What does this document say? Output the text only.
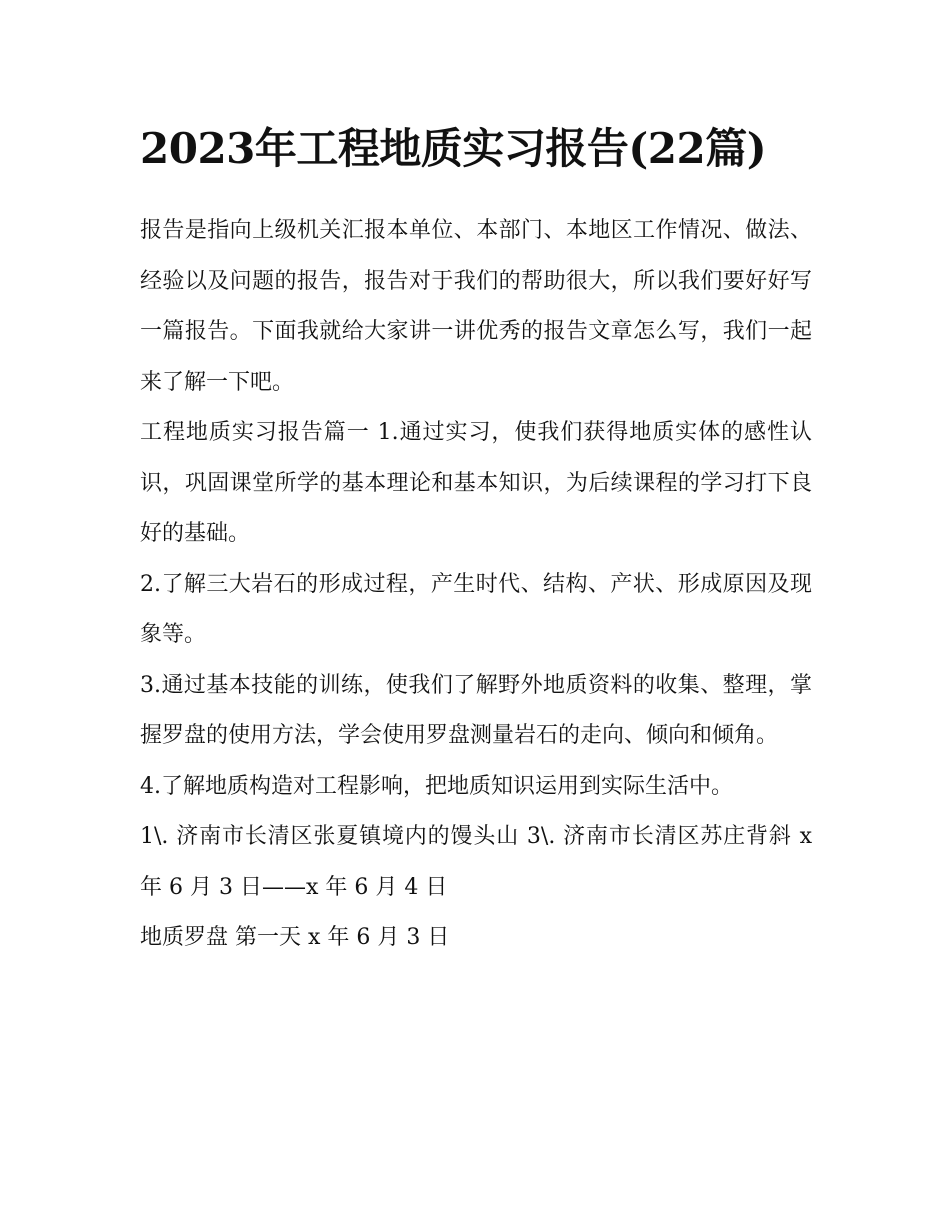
2023年工程地质实习报告(22篇)

报告是指向上级机关汇报本单位、本部门、本地区工作情况、做法、经验以及问题的报告，报告对于我们的帮助很大，所以我们要好好写一篇报告。下面我就给大家讲一讲优秀的报告文章怎么写，我们一起来了解一下吧。

工程地质实习报告篇一 1.通过实习，使我们获得地质实体的感性认识，巩固课堂所学的基本理论和基本知识，为后续课程的学习打下良好的基础。

2.了解三大岩石的形成过程，产生时代、结构、产状、形成原因及现象等。

3.通过基本技能的训练，使我们了解野外地质资料的收集、整理，掌握罗盘的使用方法，学会使用罗盘测量岩石的走向、倾向和倾角。

4.了解地质构造对工程影响，把地质知识运用到实际生活中。

1\. 济南市长清区张夏镇境内的馒头山 3\. 济南市长清区苏庄背斜 x 年 6 月 3 日——x 年 6 月 4 日

地质罗盘 第一天 x 年 6 月 3 日
